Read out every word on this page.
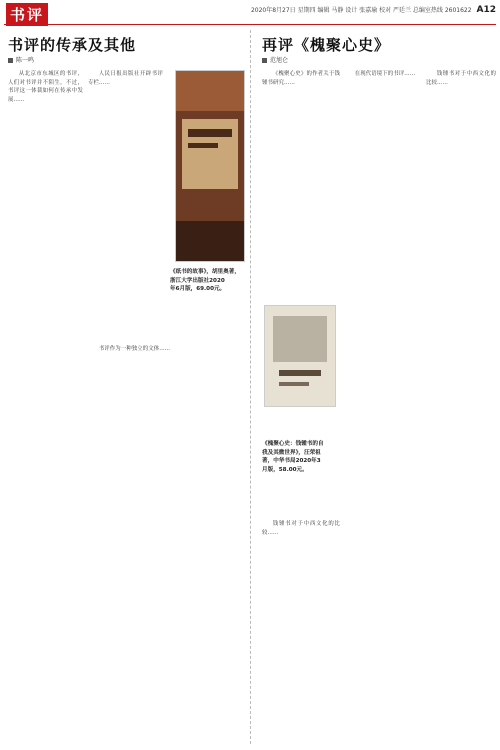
书评	2020年8月27日 星期四 编辑 马静 设计 张嘉瑜 校对 严廷兰 总编室热线 2601622 A12
书评的传承及其他
陈一鸣

从北京市东城区的书评，人们对书评并不陌生。不过，书评这一体裁如何在传承中发展……

人民日报出版社开辟书评专栏……

书评作为一种独立的文体……

《纸书的故事》，胡里奥著，
浙江大学出版社2020
年6月版，69.00元。
再评《槐聚心史》
范旭仑

《槐聚心史》的作者关于钱锺书研究……

钱锺书对于中西文化的比较……

在现代语境下的书评……	钱锺书对于中西文化的比较……

《槐聚心史：钱锺书的自
我及其微世界》，汪荣祖
著，中华书局2020年3
月版，58.00元。
